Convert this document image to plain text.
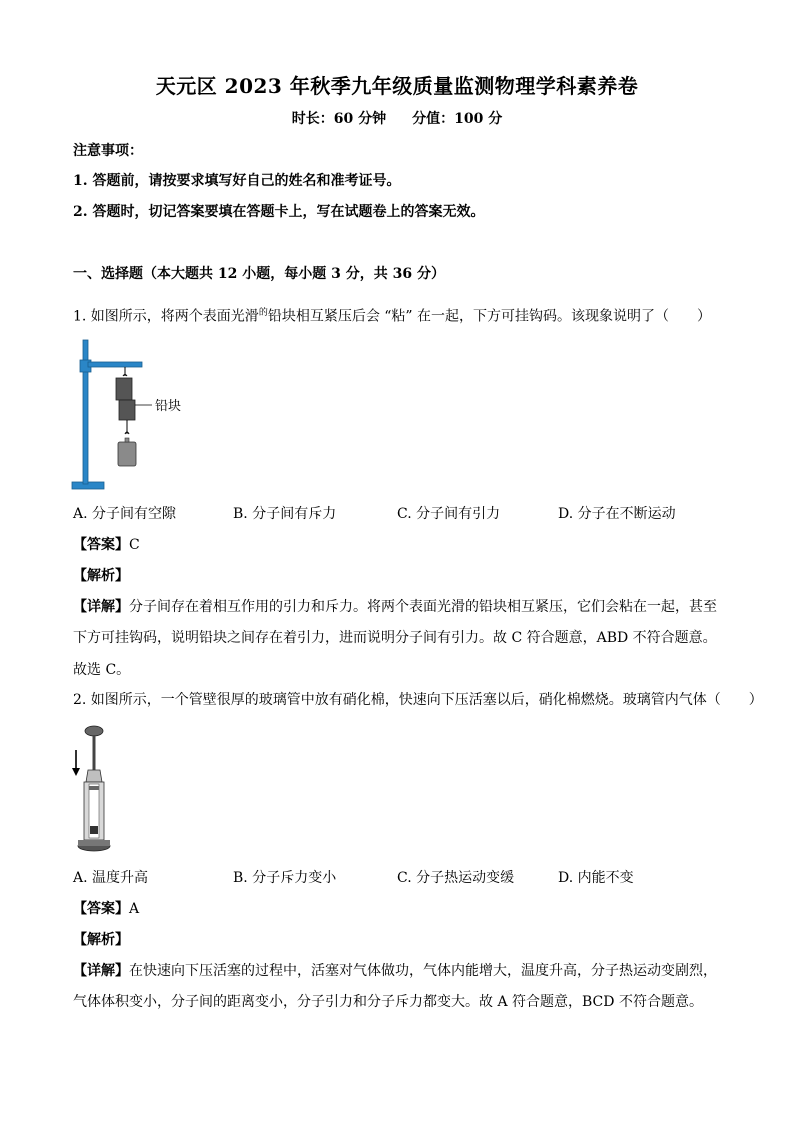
天元区 2023 年秋季九年级质量监测物理学科素养卷
时长：60 分钟 分值：100 分
注意事项：
1. 答题前，请按要求填写好自己的姓名和准考证号。
2. 答题时，切记答案要填在答题卡上，写在试题卷上的答案无效。
一、选择题（本大题共 12 小题，每小题 3 分，共 36 分）
1. 如图所示，将两个表面光滑$^的$铅块相互紧压后会 “粘” 在一起，下方可挂钩码。该现象说明了（　　）
铅块
A. 分子间有空隙	B. 分子间有斥力	C. 分子间有引力	D. 分子在不断运动
【答案】C
【解析】
【详解】分子间存在着相互作用的引力和斥力。将两个表面光滑的铅块相互紧压，它们会粘在一起，甚至下方可挂钩码，说明铅块之间存在着引力，进而说明分子间有引力。故 C 符合题意，ABD 不符合题意。
故选 C。
2. 如图所示，一个管壁很厚的玻璃管中放有硝化棉，快速向下压活塞以后，硝化棉燃烧。玻璃管内气体（　　）
A. 温度升高	B. 分子斥力变小	C. 分子热运动变缓	D. 内能不变
【答案】A
【解析】
【详解】在快速向下压活塞的过程中，活塞对气体做功，气体内能增大，温度升高，分子热运动变剧烈，气体体积变小，分子间的距离变小，分子引力和分子斥力都变大。故 A 符合题意，BCD 不符合题意。
